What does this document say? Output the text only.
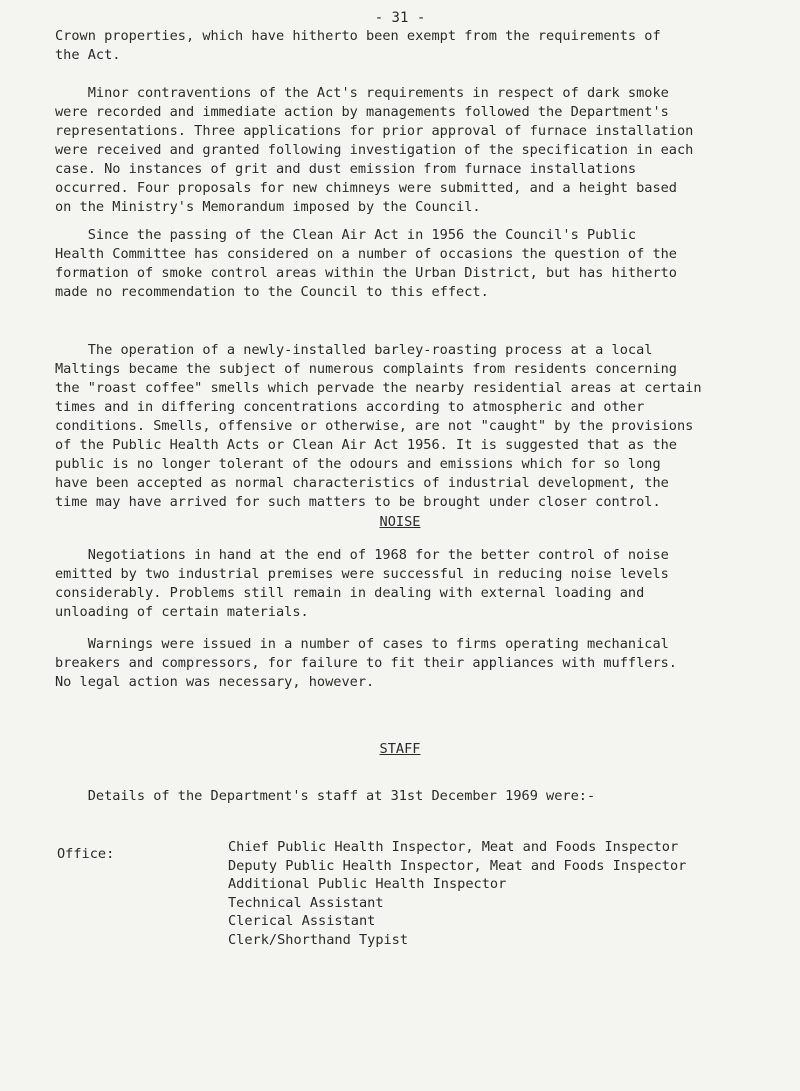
- 31 -

Crown properties, which have hitherto been exempt from the requirements of
the Act.

Minor contraventions of the Act's requirements in respect of dark smoke
were recorded and immediate action by managements followed the Department's
representations. Three applications for prior approval of furnace installation
were received and granted following investigation of the specification in each
case. No instances of grit and dust emission from furnace installations
occurred. Four proposals for new chimneys were submitted, and a height based
on the Ministry's Memorandum imposed by the Council.

Since the passing of the Clean Air Act in 1956 the Council's Public
Health Committee has considered on a number of occasions the question of the
formation of smoke control areas within the Urban District, but has hitherto
made no recommendation to the Council to this effect.

The operation of a newly-installed barley-roasting process at a local
Maltings became the subject of numerous complaints from residents concerning
the "roast coffee" smells which pervade the nearby residential areas at certain
times and in differing concentrations according to atmospheric and other
conditions. Smells, offensive or otherwise, are not "caught" by the provisions
of the Public Health Acts or Clean Air Act 1956. It is suggested that as the
public is no longer tolerant of the odours and emissions which for so long
have been accepted as normal characteristics of industrial development, the
time may have arrived for such matters to be brought under closer control.

NOISE

Negotiations in hand at the end of 1968 for the better control of noise
emitted by two industrial premises were successful in reducing noise levels
considerably. Problems still remain in dealing with external loading and
unloading of certain materials.

Warnings were issued in a number of cases to firms operating mechanical
breakers and compressors, for failure to fit their appliances with mufflers.
No legal action was necessary, however.

STAFF

Details of the Department's staff at 31st December 1969 were:-

Office:	Chief Public Health Inspector, Meat and Foods Inspector
Deputy Public Health Inspector, Meat and Foods Inspector
Additional Public Health Inspector
Technical Assistant
Clerical Assistant
Clerk/Shorthand Typist
